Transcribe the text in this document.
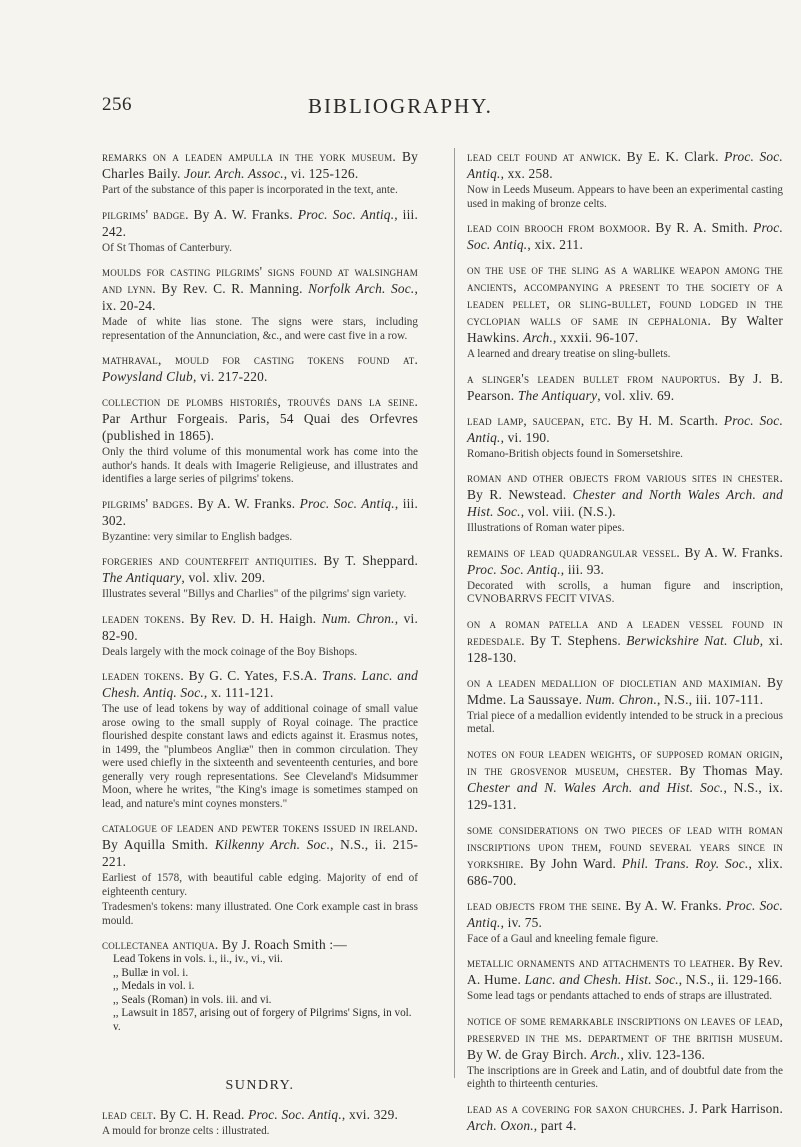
256	BIBLIOGRAPHY.

remarks on a leaden ampulla in the york museum. By Charles Baily. Jour. Arch. Assoc., vi. 125-126.

Part of the substance of this paper is incorporated in the text, ante.

pilgrims' badge. By A. W. Franks. Proc. Soc. Antiq., iii. 242.

Of St Thomas of Canterbury.

moulds for casting pilgrims' signs found at walsingham and lynn. By Rev. C. R. Manning. Norfolk Arch. Soc., ix. 20-24.

Made of white lias stone. The signs were stars, including representation of the Annunciation, &c., and were cast five in a row.

mathraval, mould for casting tokens found at. Powysland Club, vi. 217-220.

collection de plombs historiés, trouvés dans la seine. Par Arthur Forgeais. Paris, 54 Quai des Orfevres (published in 1865).

Only the third volume of this monumental work has come into the author's hands. It deals with Imagerie Religieuse, and illustrates and identifies a large series of pilgrims' tokens.

pilgrims' badges. By A. W. Franks. Proc. Soc. Antiq., iii. 302.

Byzantine: very similar to English badges.

forgeries and counterfeit antiquities. By T. Sheppard. The Antiquary, vol. xliv. 209.

Illustrates several "Billys and Charlies" of the pilgrims' sign variety.

leaden tokens. By Rev. D. H. Haigh. Num. Chron., vi. 82-90.

Deals largely with the mock coinage of the Boy Bishops.

leaden tokens. By G. C. Yates, F.S.A. Trans. Lanc. and Chesh. Antiq. Soc., x. 111-121.

The use of lead tokens by way of additional coinage of small value arose owing to the small supply of Royal coinage. The practice flourished despite constant laws and edicts against it. Erasmus notes, in 1499, the "plumbeos Angliæ" then in common circulation. They were used chiefly in the sixteenth and seventeenth centuries, and bore generally very rough representations. See Cleveland's Midsummer Moon, where he writes, "the King's image is sometimes stamped on lead, and nature's mint coynes monsters."

catalogue of leaden and pewter tokens issued in ireland. By Aquilla Smith. Kilkenny Arch. Soc., N.S., ii. 215-221.

Earliest of 1578, with beautiful cable edging. Majority of end of eighteenth century.

Tradesmen's tokens: many illustrated. One Cork example cast in brass mould.

collectanea antiqua. By J. Roach Smith :—

Lead Tokens in vols. i., ii., iv., vi., vii.
,, Bullæ in vol. i.
,, Medals in vol. i.
,, Seals (Roman) in vols. iii. and vi.
,, Lawsuit in 1857, arising out of forgery of Pilgrims' Signs, in vol. v.
SUNDRY.

lead celt. By C. H. Read. Proc. Soc. Antiq., xvi. 329.

A mould for bronze celts : illustrated.

lead celt found at anwick. By E. K. Clark. Proc. Soc. Antiq., xx. 258.

Now in Leeds Museum. Appears to have been an experimental casting used in making of bronze celts.

lead coin brooch from boxmoor. By R. A. Smith. Proc. Soc. Antiq., xix. 211.

on the use of the sling as a warlike weapon among the ancients, accompanying a present to the society of a leaden pellet, or sling-bullet, found lodged in the cyclopian walls of same in cephalonia. By Walter Hawkins. Arch., xxxii. 96-107.

A learned and dreary treatise on sling-bullets.

a slinger's leaden bullet from nauportus. By J. B. Pearson. The Antiquary, vol. xliv. 69.

lead lamp, saucepan, etc. By H. M. Scarth. Proc. Soc. Antiq., vi. 190.

Romano-British objects found in Somersetshire.

roman and other objects from various sites in chester. By R. Newstead. Chester and North Wales Arch. and Hist. Soc., vol. viii. (N.S.).

Illustrations of Roman water pipes.

remains of lead quadrangular vessel. By A. W. Franks. Proc. Soc. Antiq., iii. 93.

Decorated with scrolls, a human figure and inscription, CVNOBARRVS FECIT VIVAS.

on a roman patella and a leaden vessel found in redesdale. By T. Stephens. Berwickshire Nat. Club, xi. 128-130.

on a leaden medallion of diocletian and maximian. By Mdme. La Saussaye. Num. Chron., N.S., iii. 107-111.

Trial piece of a medallion evidently intended to be struck in a precious metal.

notes on four leaden weights, of supposed roman origin, in the grosvenor museum, chester. By Thomas May. Chester and N. Wales Arch. and Hist. Soc., N.S., ix. 129-131.

some considerations on two pieces of lead with roman inscriptions upon them, found several years since in yorkshire. By John Ward. Phil. Trans. Roy. Soc., xlix. 686-700.

lead objects from the seine. By A. W. Franks. Proc. Soc. Antiq., iv. 75.

Face of a Gaul and kneeling female figure.

metallic ornaments and attachments to leather. By Rev. A. Hume. Lanc. and Chesh. Hist. Soc., N.S., ii. 129-166.

Some lead tags or pendants attached to ends of straps are illustrated.

notice of some remarkable inscriptions on leaves of lead, preserved in the ms. department of the british museum. By W. de Gray Birch. Arch., xliv. 123-136.

The inscriptions are in Greek and Latin, and of doubtful date from the eighth to thirteenth centuries.

lead as a covering for saxon churches. J. Park Harrison. Arch. Oxon., part 4.
